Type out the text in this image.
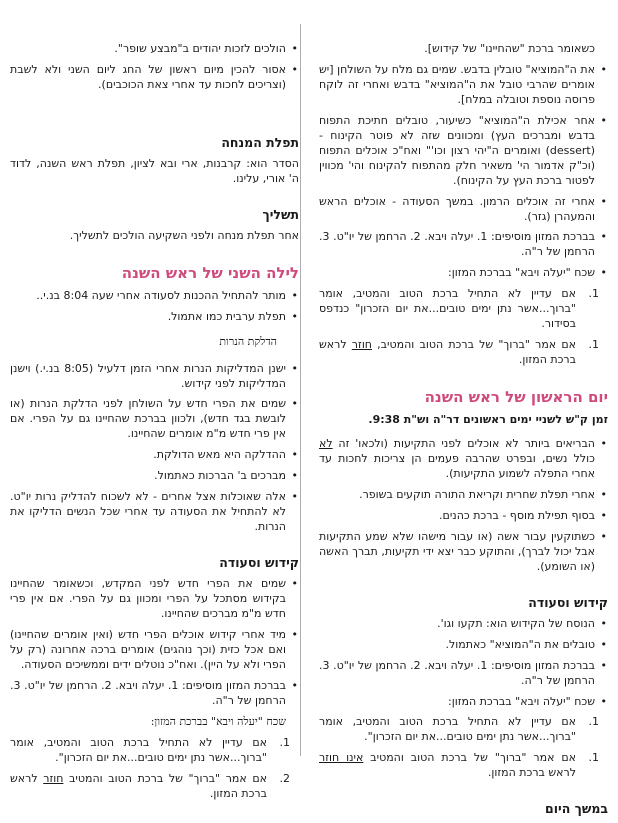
כשאומר ברכת "שהחיינו" של קידוש].
•
את ה"המוציא" טובלין בדבש. שמים גם מלח על השולחן [יש אומרים שהרבי טובל את ה"המוציא" בדבש ואחרי זה לוקח פרוסה נוספת וטובלה במלח].
•
אחר אכילת ה"המוציא" כשיעור, טובלים חתיכת התפוח בדבש ומברכים העץ) ומכוונים שזה לא פוטר הקינוח - (dessert) ואומרים ה"יהי רצון וכו'" ואח"כ אוכלים התפוח (וכ"ק אדמור הי' משאיר חלק מהתפוח להקינוח והי' מכווין לפטור ברכת העץ על הקינוח).
•
אחרי זה אוכלים הרמון. במשך הסעודה - אוכלים הראש והמעהרן (גזר).
•
בברכת המזון מוסיפים: 1. יעלה ויבא. 2. הרחמן של יו"ט. 3. הרחמן של ר"ה.
•
שכח "יעלה ויבא" בברכת המזון:
1.
אם עדיין לא התחיל ברכת הטוב והמטיב, אומר "ברוך...אשר נתן ימים טובים...את יום הזכרון" כנדפס בסידור.
1.
אם אמר "ברוך" של ברכת הטוב והמטיב, חוזר לראש ברכת המזון.
יום הראשון של ראש השנה
זמן ק"ש לשניי ימים ראשונים דר"ה וש"ת 9:38.
•
הבריאים ביותר לא אוכלים לפני התקיעות (ולכאו' זה לא כולל נשים, ובפרט שהרבה פעמים הן צריכות לחכות עד אחרי התפלה לשמוע התקיעות).
•
אחרי תפלת שחרית וקריאת התורה תוקעים בשופר.
•
בסוף תפילת מוסף - ברכת כהנים.
•
כשתוקעין עבור אשה (או עבור מישהו שלא שמע התקיעות אבל יכול לברך), והתוקע כבר יצא ידי תקיעות, תברך האשה (או השומע).
קידוש וסעודה
•
הנוסח של הקידוש הוא: תקעו וגו'.
•
טובלים את ה"המוציא" כאתמול.
•
בברכת המזון מוסיפים: 1. יעלה ויבא. 2. הרחמן של יו"ט. 3. הרחמן של ר"ה.
•
שכח "יעלה ויבא" בברכת המזון:
1.
אם עדיין לא התחיל ברכת הטוב והמטיב, אומר "ברוך...אשר נתן ימים טובים...את יום הזכרון".
1.
אם אמר "ברוך" של ברכת הטוב והמטיב אינו חוזר לראש ברכת המזון.
במשך היום
•
הולכים לזכות יהודים ב"מבצע שופר".
•
אסור להכין מיום ראשון של החג ליום השני ולא לשבת (וצריכים לחכות עד אחרי צאת הכוכבים).
תפלת המנחה
הסדר הוא: קרבנות, ארי ובא לציון, תפלת ראש השנה, לדוד ה' אורי, עלינו.
תשליך
אחר תפלת מנחה ולפני השקיעה הולכים לתשליך.
לילה השני של ראש השנה
•
מותר להתחיל ההכנות לסעודה אחרי שעה 8:04 בנ.י..
•
תפלת ערבית כמו אתמול.
הדלקת הנרות
•
ישנן המדליקות הנרות אחרי הזמן דלעיל (8:05 בנ.י.) וישנן המדליקות לפני קידוש.
•
שמים את הפרי חדש על השולחן לפני הדלקת הנרות (או לובשת בגד חדש), ולכוון בברכת שהחיינו גם על הפרי. אם אין פרי חדש מ"מ אומרים שהחיינו.
•
ההדלקה היא מאש הדולקת.
•
מברכים ב' הברכות כאתמול.
•
אלה שאוכלות אצל אחרים - לא לשכוח להדליק נרות יו"ט. לא להתחיל את הסעודה עד אחרי שכל הנשים הדליקו את הנרות.
קידוש וסעודה
•
שמים את הפרי חדש לפני המקדש, וכשאומר שהחיינו בקידוש מסתכל על הפרי ומכוון גם על הפרי. אם אין פרי חדש מ"מ מברכים שהחיינו.
•
מיד אחרי קידוש אוכלים הפרי חדש (ואין אומרים שהחיינו) ואם אכל כזית (וכך נוהגים) אומרים ברכה אחרונה (רק על הפרי ולא על היין). ואח"כ נוטלים ידים וממשיכים הסעודה.
•
בברכת המזון מוסיפים: 1. יעלה ויבא. 2. הרחמן של יו"ט. 3. הרחמן של ר"ה.
שכח "יעלה ויבא" בברכת המזון:
1.
אם עדיין לא התחיל ברכת הטוב והמטיב, אומר "ברוך...אשר נתן ימים טובים...את יום הזכרון".
2.
אם אמר "ברוך" של ברכת הטוב והמטיב חוזר לראש ברכת המזון.
